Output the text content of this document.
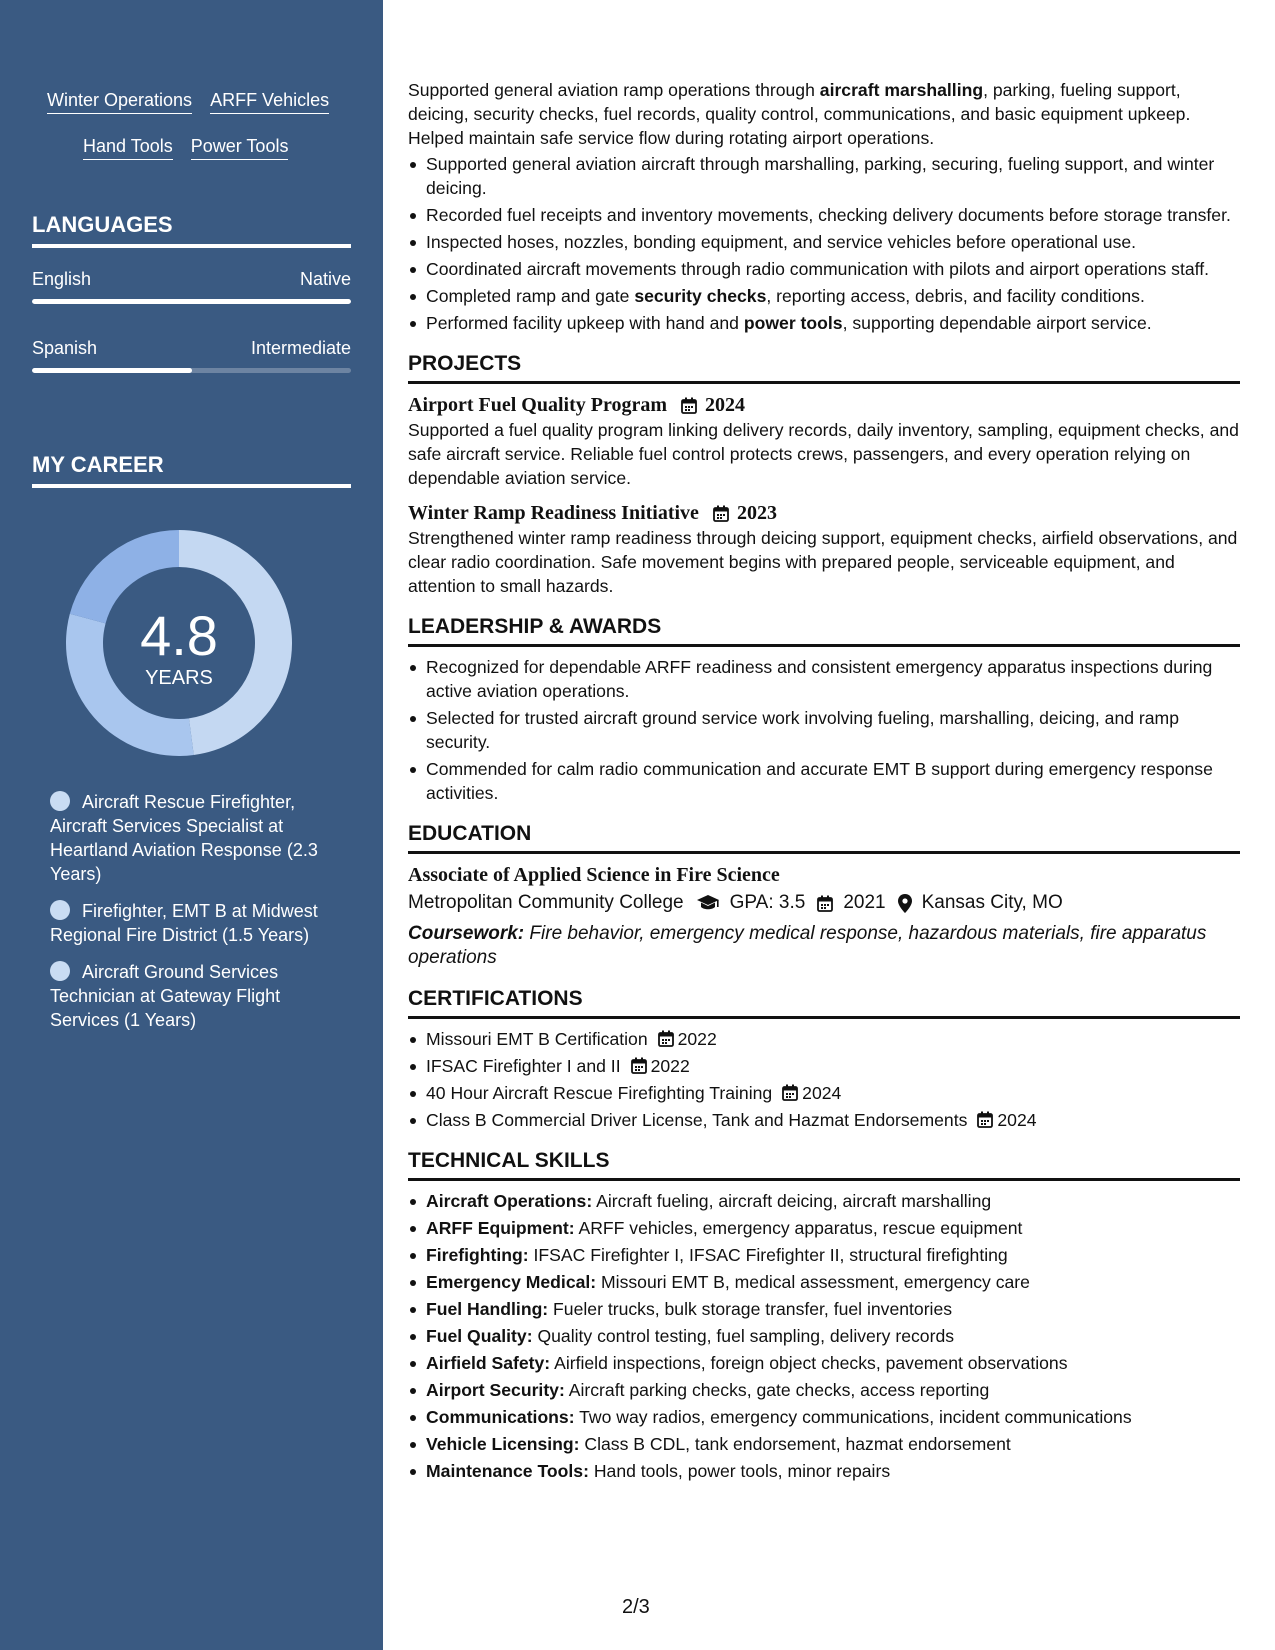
Winter Operations ARFF Vehicles
Hand Tools Power Tools
LANGUAGES
English	Native
Spanish	Intermediate
MY CAREER
4.8
YEARS
Aircraft Rescue Firefighter, Aircraft Services Specialist at Heartland Aviation Response (2.3 Years)
Firefighter, EMT B at Midwest Regional Fire District (1.5 Years)
Aircraft Ground Services Technician at Gateway Flight Services (1 Years)

Supported general aviation ramp operations through aircraft marshalling, parking, fueling support, deicing, security checks, fuel records, quality control, communications, and basic equipment upkeep. Helped maintain safe service flow during rotating airport operations.

Supported general aviation aircraft through marshalling, parking, securing, fueling support, and winter deicing.
Recorded fuel receipts and inventory movements, checking delivery documents before storage transfer.
Inspected hoses, nozzles, bonding equipment, and service vehicles before operational use.
Coordinated aircraft movements through radio communication with pilots and airport operations staff.
Completed ramp and gate security checks, reporting access, debris, and facility conditions.
Performed facility upkeep with hand and power tools, supporting dependable airport service.
PROJECTS
Airport Fuel Quality Program 2024

Supported a fuel quality program linking delivery records, daily inventory, sampling, equipment checks, and safe aircraft service. Reliable fuel control protects crews, passengers, and every operation relying on dependable aviation service.

Winter Ramp Readiness Initiative 2023

Strengthened winter ramp readiness through deicing support, equipment checks, airfield observations, and clear radio coordination. Safe movement begins with prepared people, serviceable equipment, and attention to small hazards.

LEADERSHIP & AWARDS
Recognized for dependable ARFF readiness and consistent emergency apparatus inspections during active aviation operations.
Selected for trusted aircraft ground service work involving fueling, marshalling, deicing, and ramp security.
Commended for calm radio communication and accurate EMT B support during emergency response activities.
EDUCATION
Associate of Applied Science in Fire Science
Metropolitan Community College GPA: 3.5 2021 Kansas City, MO

Coursework: Fire behavior, emergency medical response, hazardous materials, fire apparatus operations

CERTIFICATIONS
Missouri EMT B Certification 2022
IFSAC Firefighter I and II 2022
40 Hour Aircraft Rescue Firefighting Training 2024
Class B Commercial Driver License, Tank and Hazmat Endorsements 2024
TECHNICAL SKILLS
Aircraft Operations: Aircraft fueling, aircraft deicing, aircraft marshalling
ARFF Equipment: ARFF vehicles, emergency apparatus, rescue equipment
Firefighting: IFSAC Firefighter I, IFSAC Firefighter II, structural firefighting
Emergency Medical: Missouri EMT B, medical assessment, emergency care
Fuel Handling: Fueler trucks, bulk storage transfer, fuel inventories
Fuel Quality: Quality control testing, fuel sampling, delivery records
Airfield Safety: Airfield inspections, foreign object checks, pavement observations
Airport Security: Aircraft parking checks, gate checks, access reporting
Communications: Two way radios, emergency communications, incident communications
Vehicle Licensing: Class B CDL, tank endorsement, hazmat endorsement
Maintenance Tools: Hand tools, power tools, minor repairs
2/3
